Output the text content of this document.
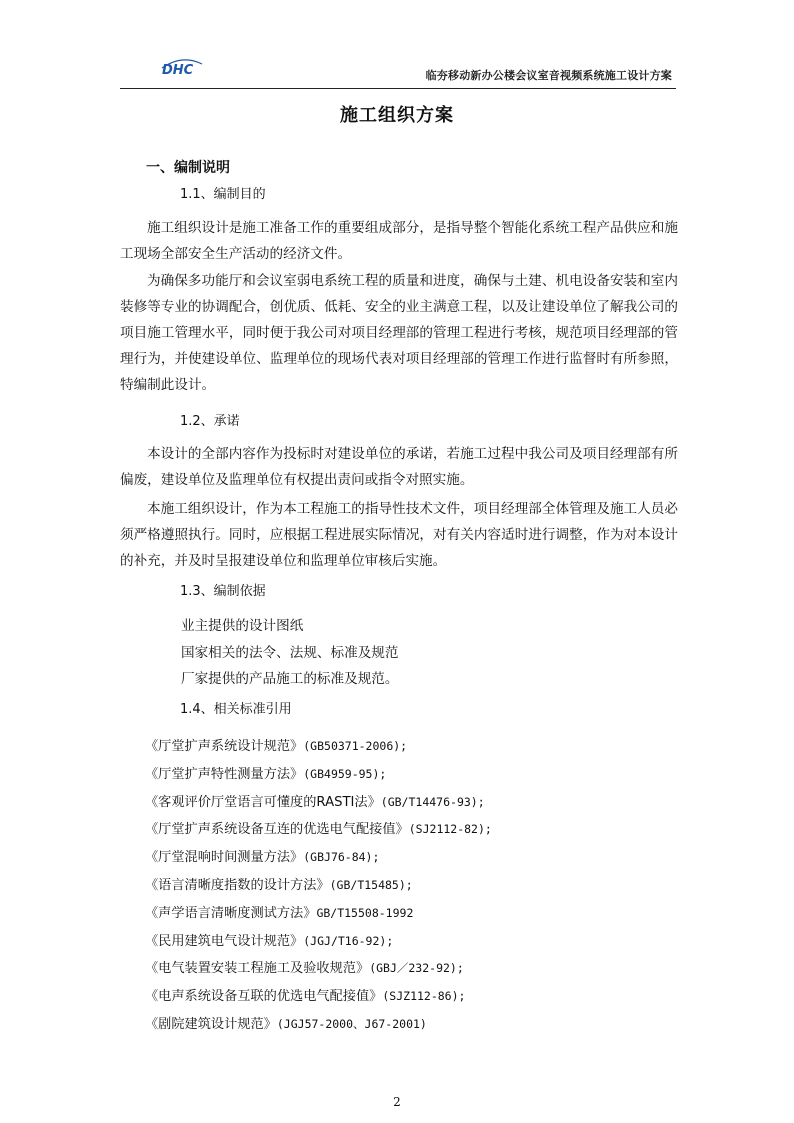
DHC	临夯移动新办公楼会议室音视频系统施工设计方案
施工组织方案
一、编制说明
1.1、编制目的
施工组织设计是施工准备工作的重要组成部分，是指导整个智能化系统工程产品供应和施工现场全部安全生产活动的经济文件。
为确保多功能厅和会议室弱电系统工程的质量和进度，确保与土建、机电设备安装和室内装修等专业的协调配合，创优质、低耗、安全的业主满意工程，以及让建设单位了解我公司的项目施工管理水平，同时便于我公司对项目经理部的管理工程进行考核，规范项目经理部的管理行为，并使建设单位、监理单位的现场代表对项目经理部的管理工作进行监督时有所参照，特编制此设计。
1.2、承诺
本设计的全部内容作为投标时对建设单位的承诺，若施工过程中我公司及项目经理部有所偏废，建设单位及监理单位有权提出责问或指令对照实施。
本施工组织设计，作为本工程施工的指导性技术文件，项目经理部全体管理及施工人员必须严格遵照执行。同时，应根据工程进展实际情况，对有关内容适时进行调整，作为对本设计的补充，并及时呈报建设单位和监理单位审核后实施。
1.3、编制依据
业主提供的设计图纸
国家相关的法令、法规、标准及规范
厂家提供的产品施工的标准及规范。
1.4、相关标准引用
《厅堂扩声系统设计规范》(GB50371-2006);
《厅堂扩声特性测量方法》(GB4959-95);
《客观评价厅堂语言可懂度的RASTI法》(GB/T14476-93);
《厅堂扩声系统设备互连的优选电气配接值》(SJ2112-82);
《厅堂混响时间测量方法》(GBJ76-84);
《语言清晰度指数的设计方法》(GB/T15485);
《声学语言清晰度测试方法》GB/T15508-1992
《民用建筑电气设计规范》(JGJ/T16-92);
《电气装置安装工程施工及验收规范》(GBJ／232-92);
《电声系统设备互联的优选电气配接值》(SJZ112-86);
《剧院建筑设计规范》(JGJ57-2000、J67-2001)
2
